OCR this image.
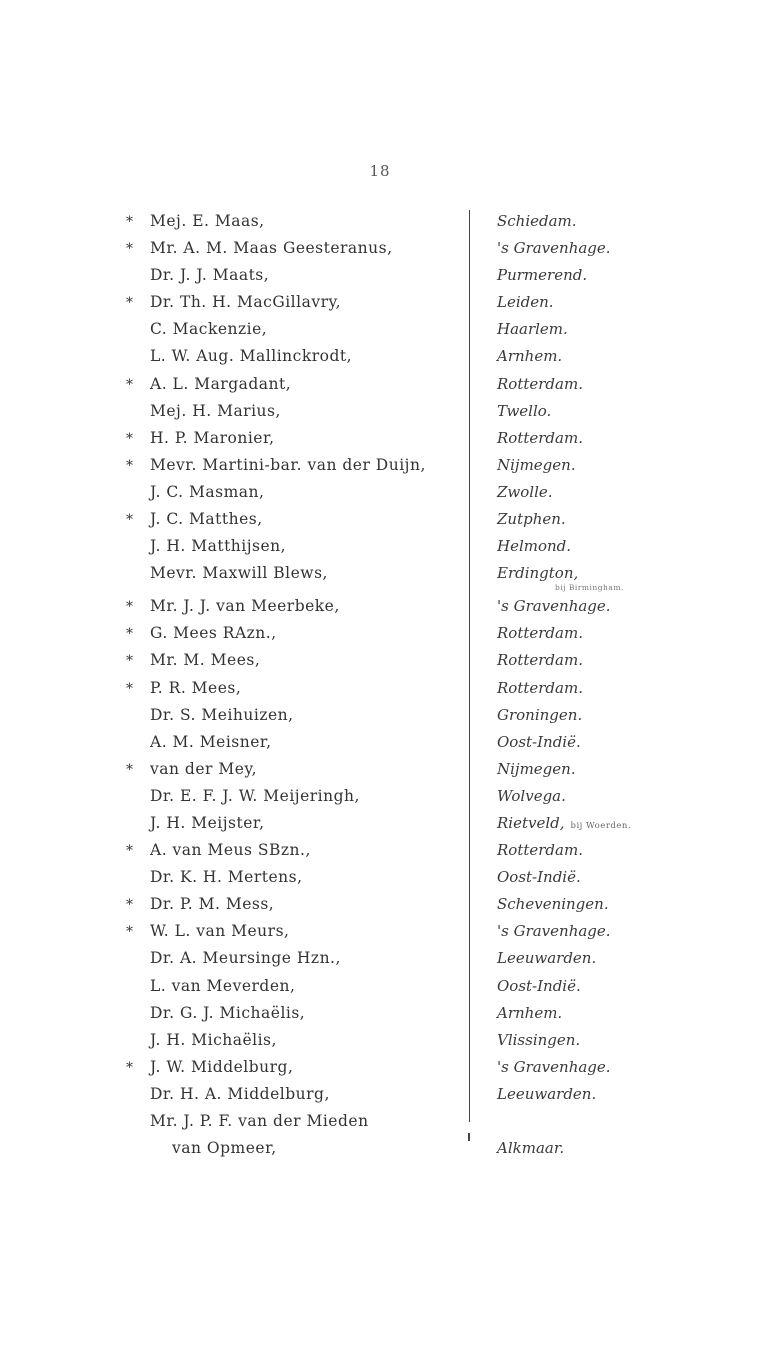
18
* Mej. E. Maas,	Schiedam.
* Mr. A. M. Maas Geesteranus,	's Gravenhage.
Dr. J. J. Maats,	Purmerend.
* Dr. Th. H. MacGillavry,	Leiden.
C. Mackenzie,	Haarlem.
L. W. Aug. Mallinckrodt,	Arnhem.
* A. L. Margadant,	Rotterdam.
Mej. H. Marius,	Twello.
* H. P. Maronier,	Rotterdam.
* Mevr. Martini-bar. van der Duijn,	Nijmegen.
J. C. Masman,	Zwolle.
* J. C. Matthes,	Zutphen.
J. H. Matthijsen,	Helmond.
Mevr. Maxwill Blews,	Erdington,
bij Birmingham.
* Mr. J. J. van Meerbeke,	's Gravenhage.
* G. Mees RAzn.,	Rotterdam.
* Mr. M. Mees,	Rotterdam.
* P. R. Mees,	Rotterdam.
Dr. S. Meihuizen,	Groningen.
A. M. Meisner,	Oost-Indië.
* van der Mey,	Nijmegen.
Dr. E. F. J. W. Meijeringh,	Wolvega.
J. H. Meijster,	Rietveld, bij Woerden.
* A. van Meus SBzn.,	Rotterdam.
Dr. K. H. Mertens,	Oost-Indië.
* Dr. P. M. Mess,	Scheveningen.
* W. L. van Meurs,	's Gravenhage.
Dr. A. Meursinge Hzn.,	Leeuwarden.
L. van Meverden,	Oost-Indië.
Dr. G. J. Michaëlis,	Arnhem.
J. H. Michaëlis,	Vlissingen.
* J. W. Middelburg,	's Gravenhage.
Dr. H. A. Middelburg,	Leeuwarden.
Mr. J. P. F. van der Mieden
van Opmeer,	Alkmaar.
